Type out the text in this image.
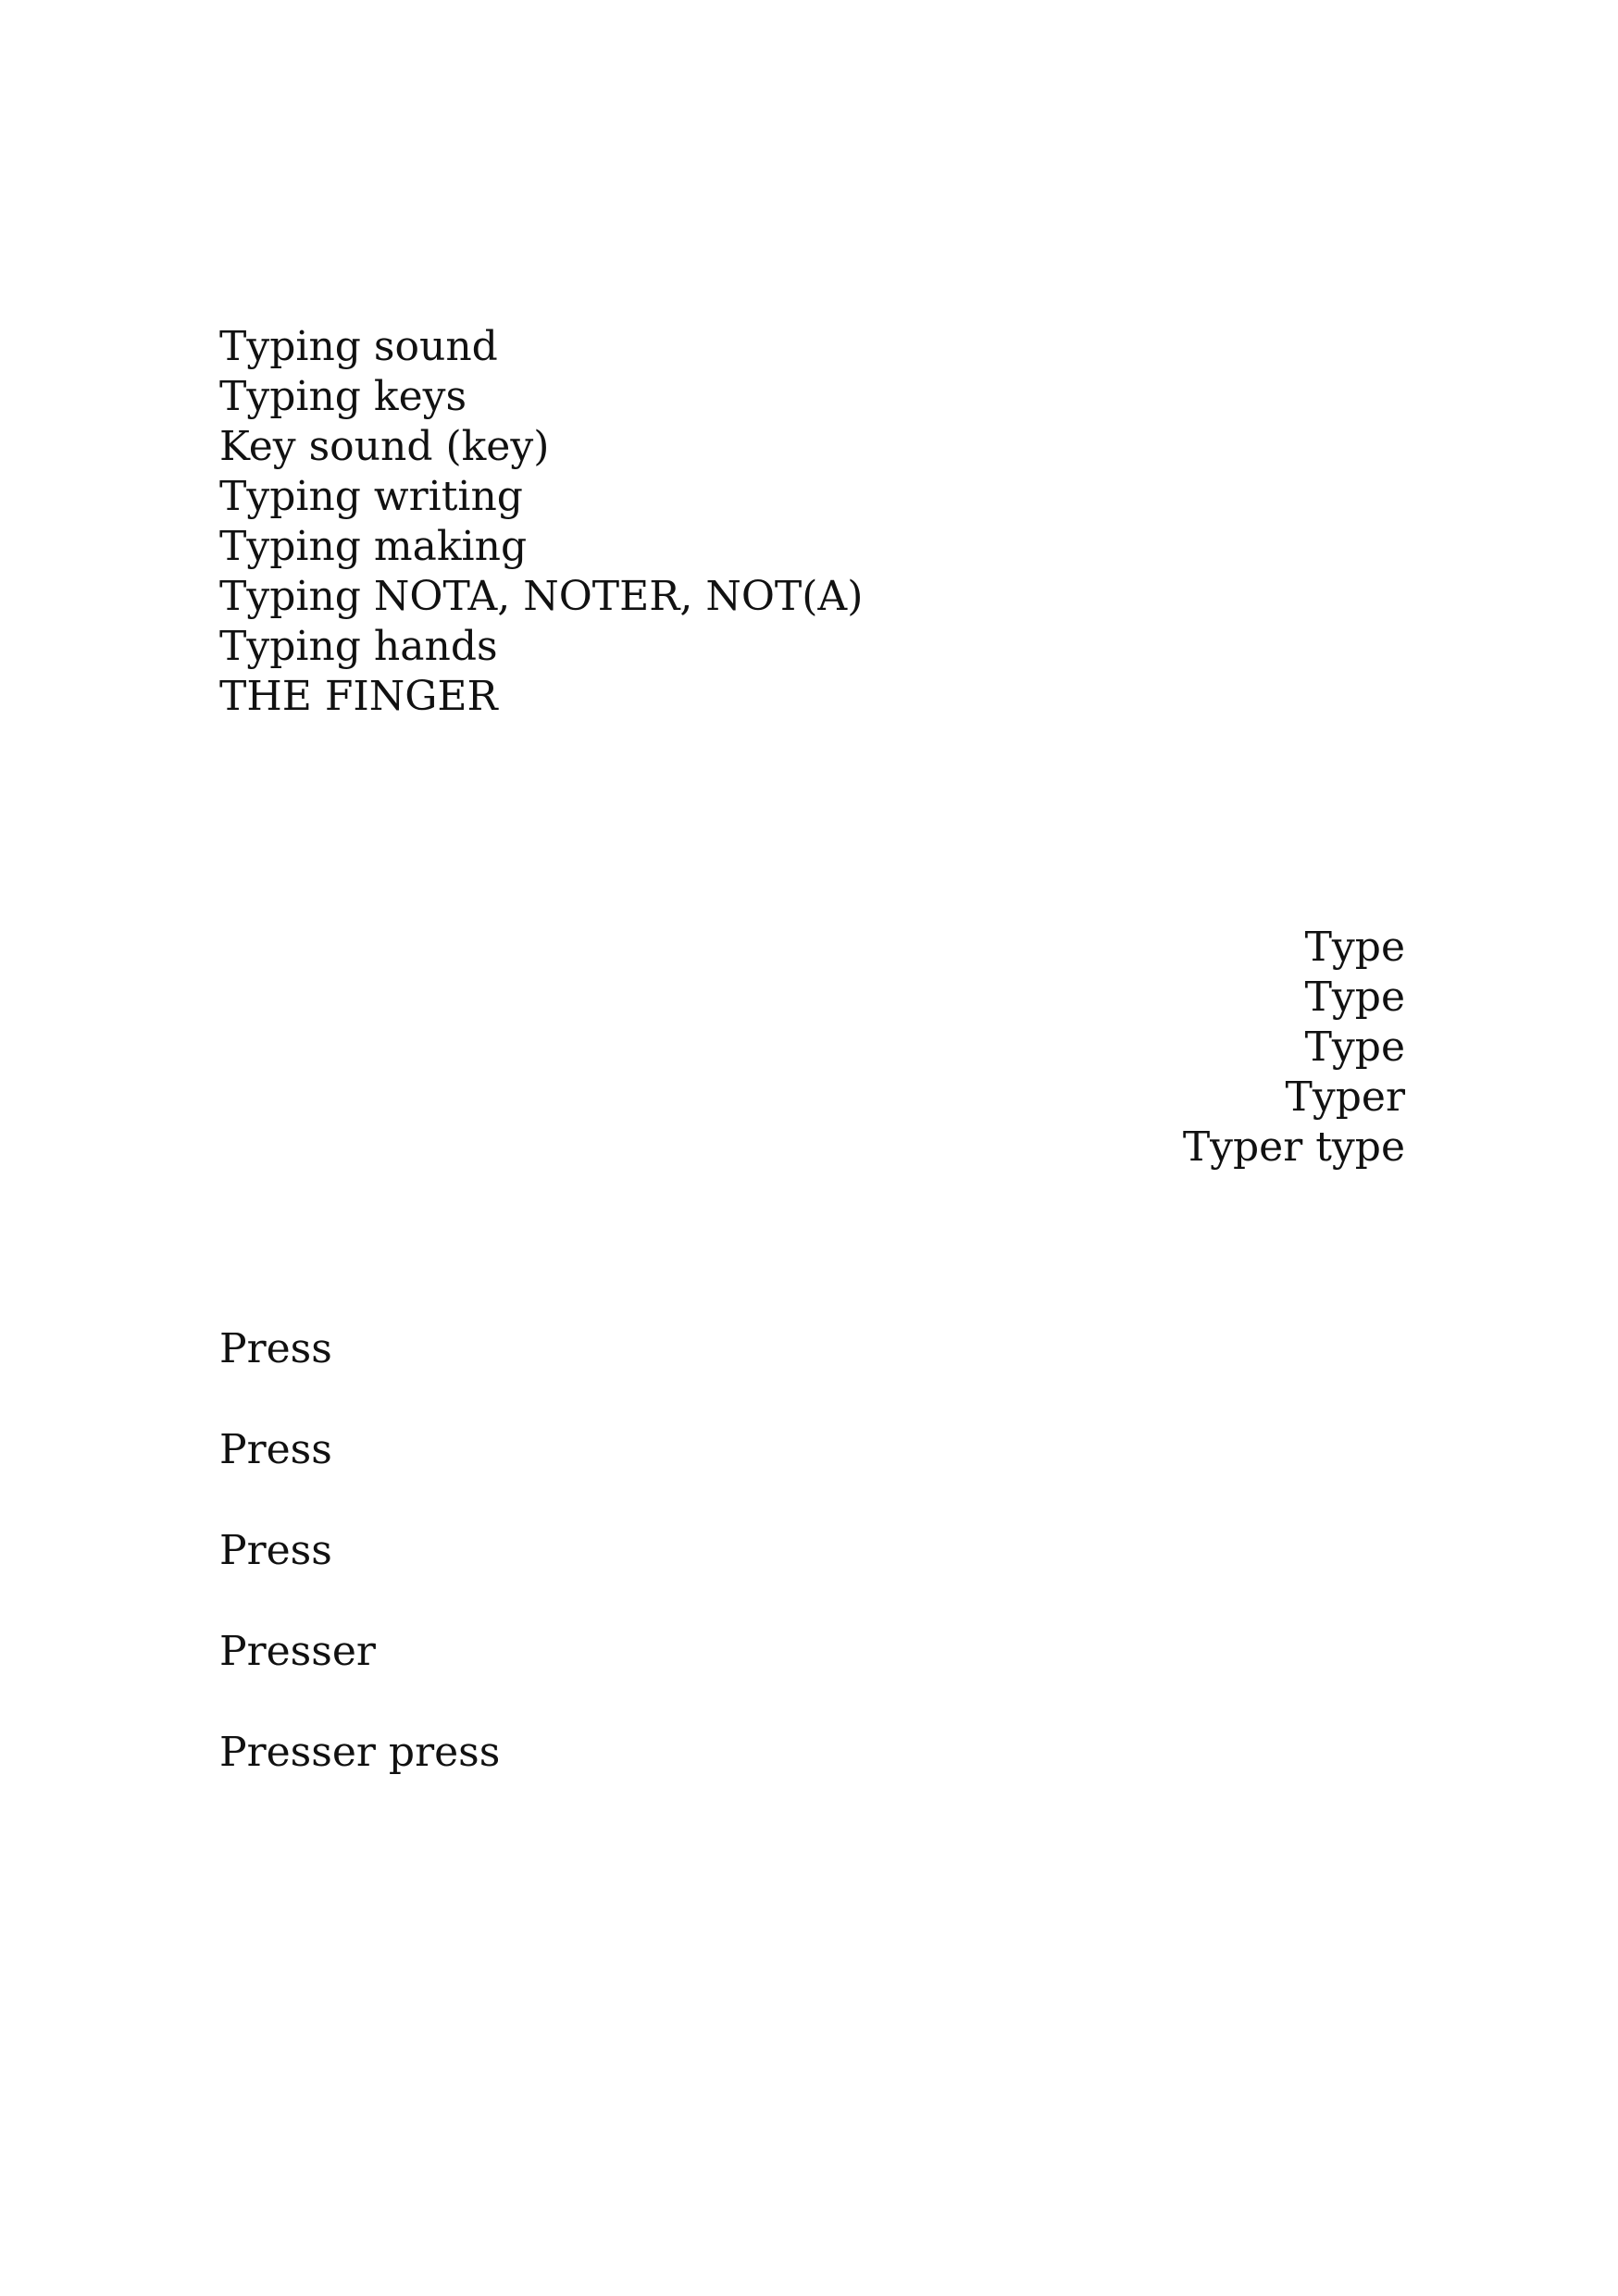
Typing sound

Typing keys

Key sound (key)

Typing writing

Typing making

Typing NOTA, NOTER, NOT(A)

Typing hands

THE FINGER

Type

Type

Type

Typer

Typer type

Press

Press

Press

Presser

Presser press
